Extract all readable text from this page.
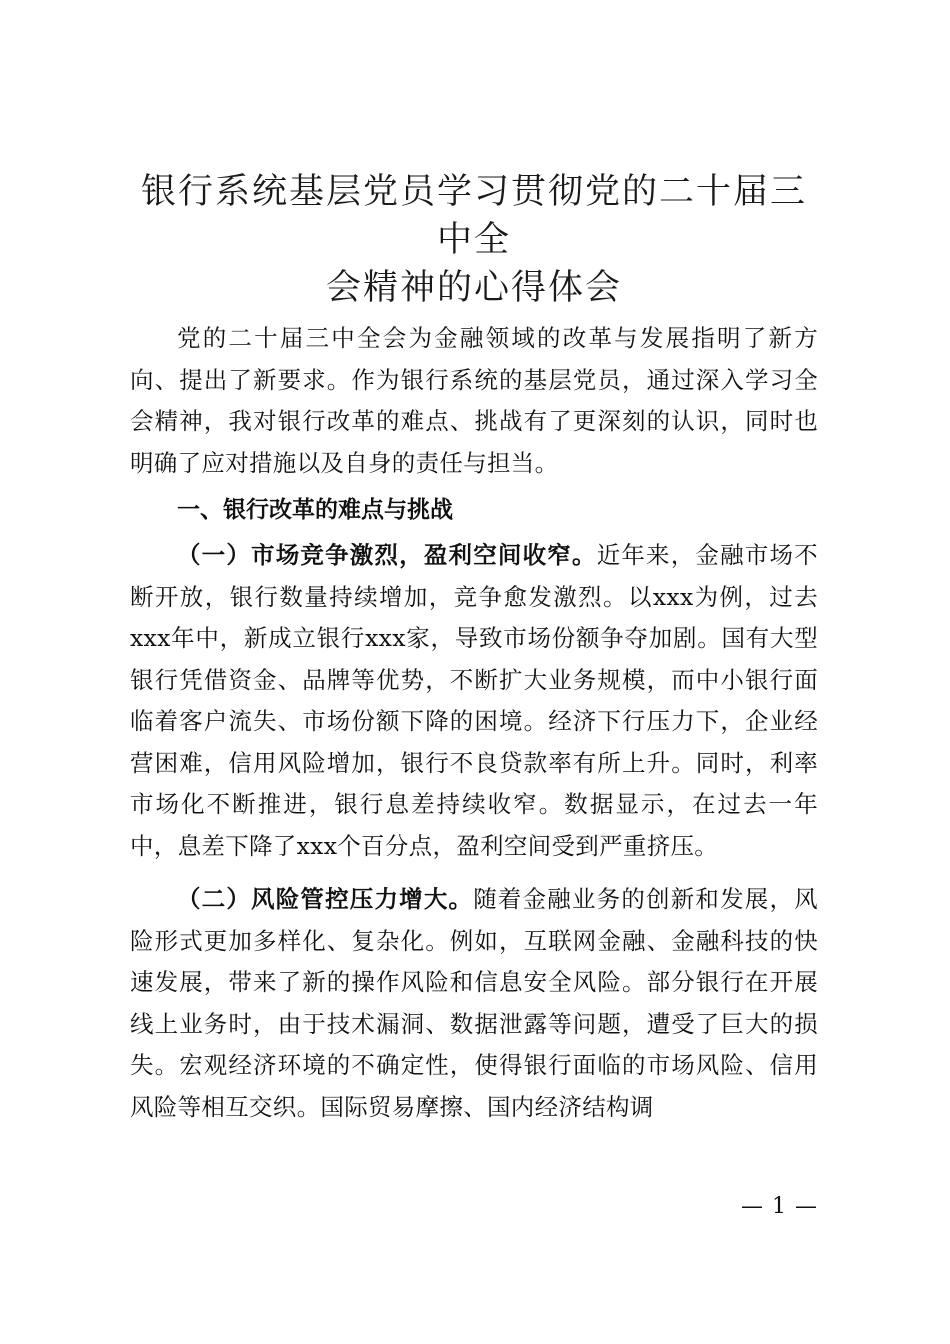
银行系统基层党员学习贯彻党的二十届三中全
会精神的心得体会

党的二十届三中全会为金融领域的改革与发展指明了新方向、提出了新要求。作为银行系统的基层党员，通过深入学习全会精神，我对银行改革的难点、挑战有了更深刻的认识，同时也明确了应对措施以及自身的责任与担当。

一、银行改革的难点与挑战

（一）市场竞争激烈，盈利空间收窄。近年来，金融市场不断开放，银行数量持续增加，竞争愈发激烈。以xxx为例，过去xxx年中，新成立银行xxx家，导致市场份额争夺加剧。国有大型银行凭借资金、品牌等优势，不断扩大业务规模，而中小银行面临着客户流失、市场份额下降的困境。经济下行压力下，企业经营困难，信用风险增加，银行不良贷款率有所上升。同时，利率市场化不断推进，银行息差持续收窄。数据显示，在过去一年中，息差下降了xxx个百分点，盈利空间受到严重挤压。

（二）风险管控压力增大。随着金融业务的创新和发展，风险形式更加多样化、复杂化。例如，互联网金融、金融科技的快速发展，带来了新的操作风险和信息安全风险。部分银行在开展线上业务时，由于技术漏洞、数据泄露等问题，遭受了巨大的损失。宏观经济环境的不确定性，使得银行面临的市场风险、信用风险等相互交织。国际贸易摩擦、国内经济结构调

— 1 —
